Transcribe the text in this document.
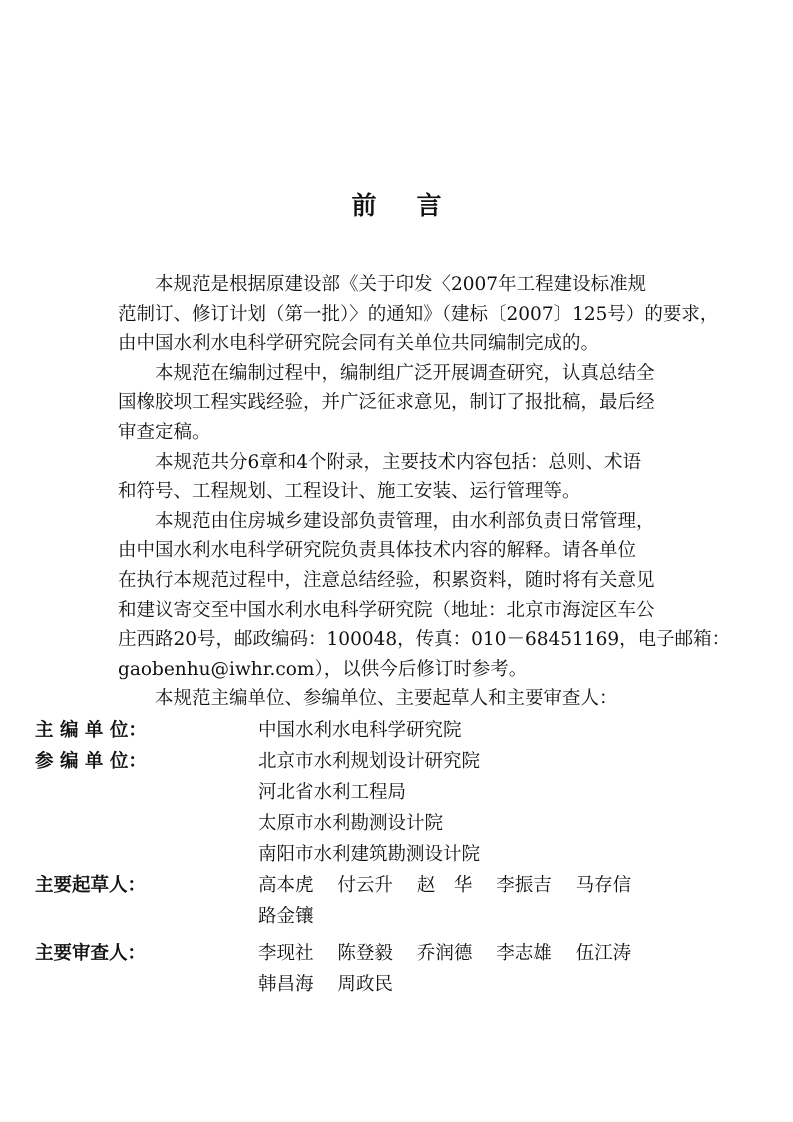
前言

本规范是根据原建设部《关于印发〈2007年工程建设标准规

范制订、修订计划（第一批）〉的通知》（建标〔2007〕125号）的要求，
由中国水利水电科学研究院会同有关单位共同编制完成的。

本规范在编制过程中，编制组广泛开展调查研究，认真总结全

国橡胶坝工程实践经验，并广泛征求意见，制订了报批稿，最后经
审查定稿。

本规范共分6章和4个附录，主要技术内容包括：总则、术语

和符号、工程规划、工程设计、施工安装、运行管理等。

本规范由住房城乡建设部负责管理，由水利部负责日常管理，

由中国水利水电科学研究院负责具体技术内容的解释。请各单位
在执行本规范过程中，注意总结经验，积累资料，随时将有关意见
和建议寄交至中国水利水电科学研究院（地址：北京市海淀区车公
庄西路20号，邮政编码：100048，传真：010－68451169，电子邮箱：
gaobenhu@iwhr.com），以供今后修订时参考。

本规范主编单位、参编单位、主要起草人和主要审查人：

主 编 单 位：	中国水利水电科学研究院
参 编 单 位：	北京市水利规划设计研究院
河北省水利工程局
太原市水利勘测设计院
南阳市水利建筑勘测设计院
主要起草人：	高本虎 付云升 赵　华 李振吉 马存信
路金镶
主要审查人：	李现社 陈登毅 乔润德 李志雄 伍江涛
韩昌海 周政民
